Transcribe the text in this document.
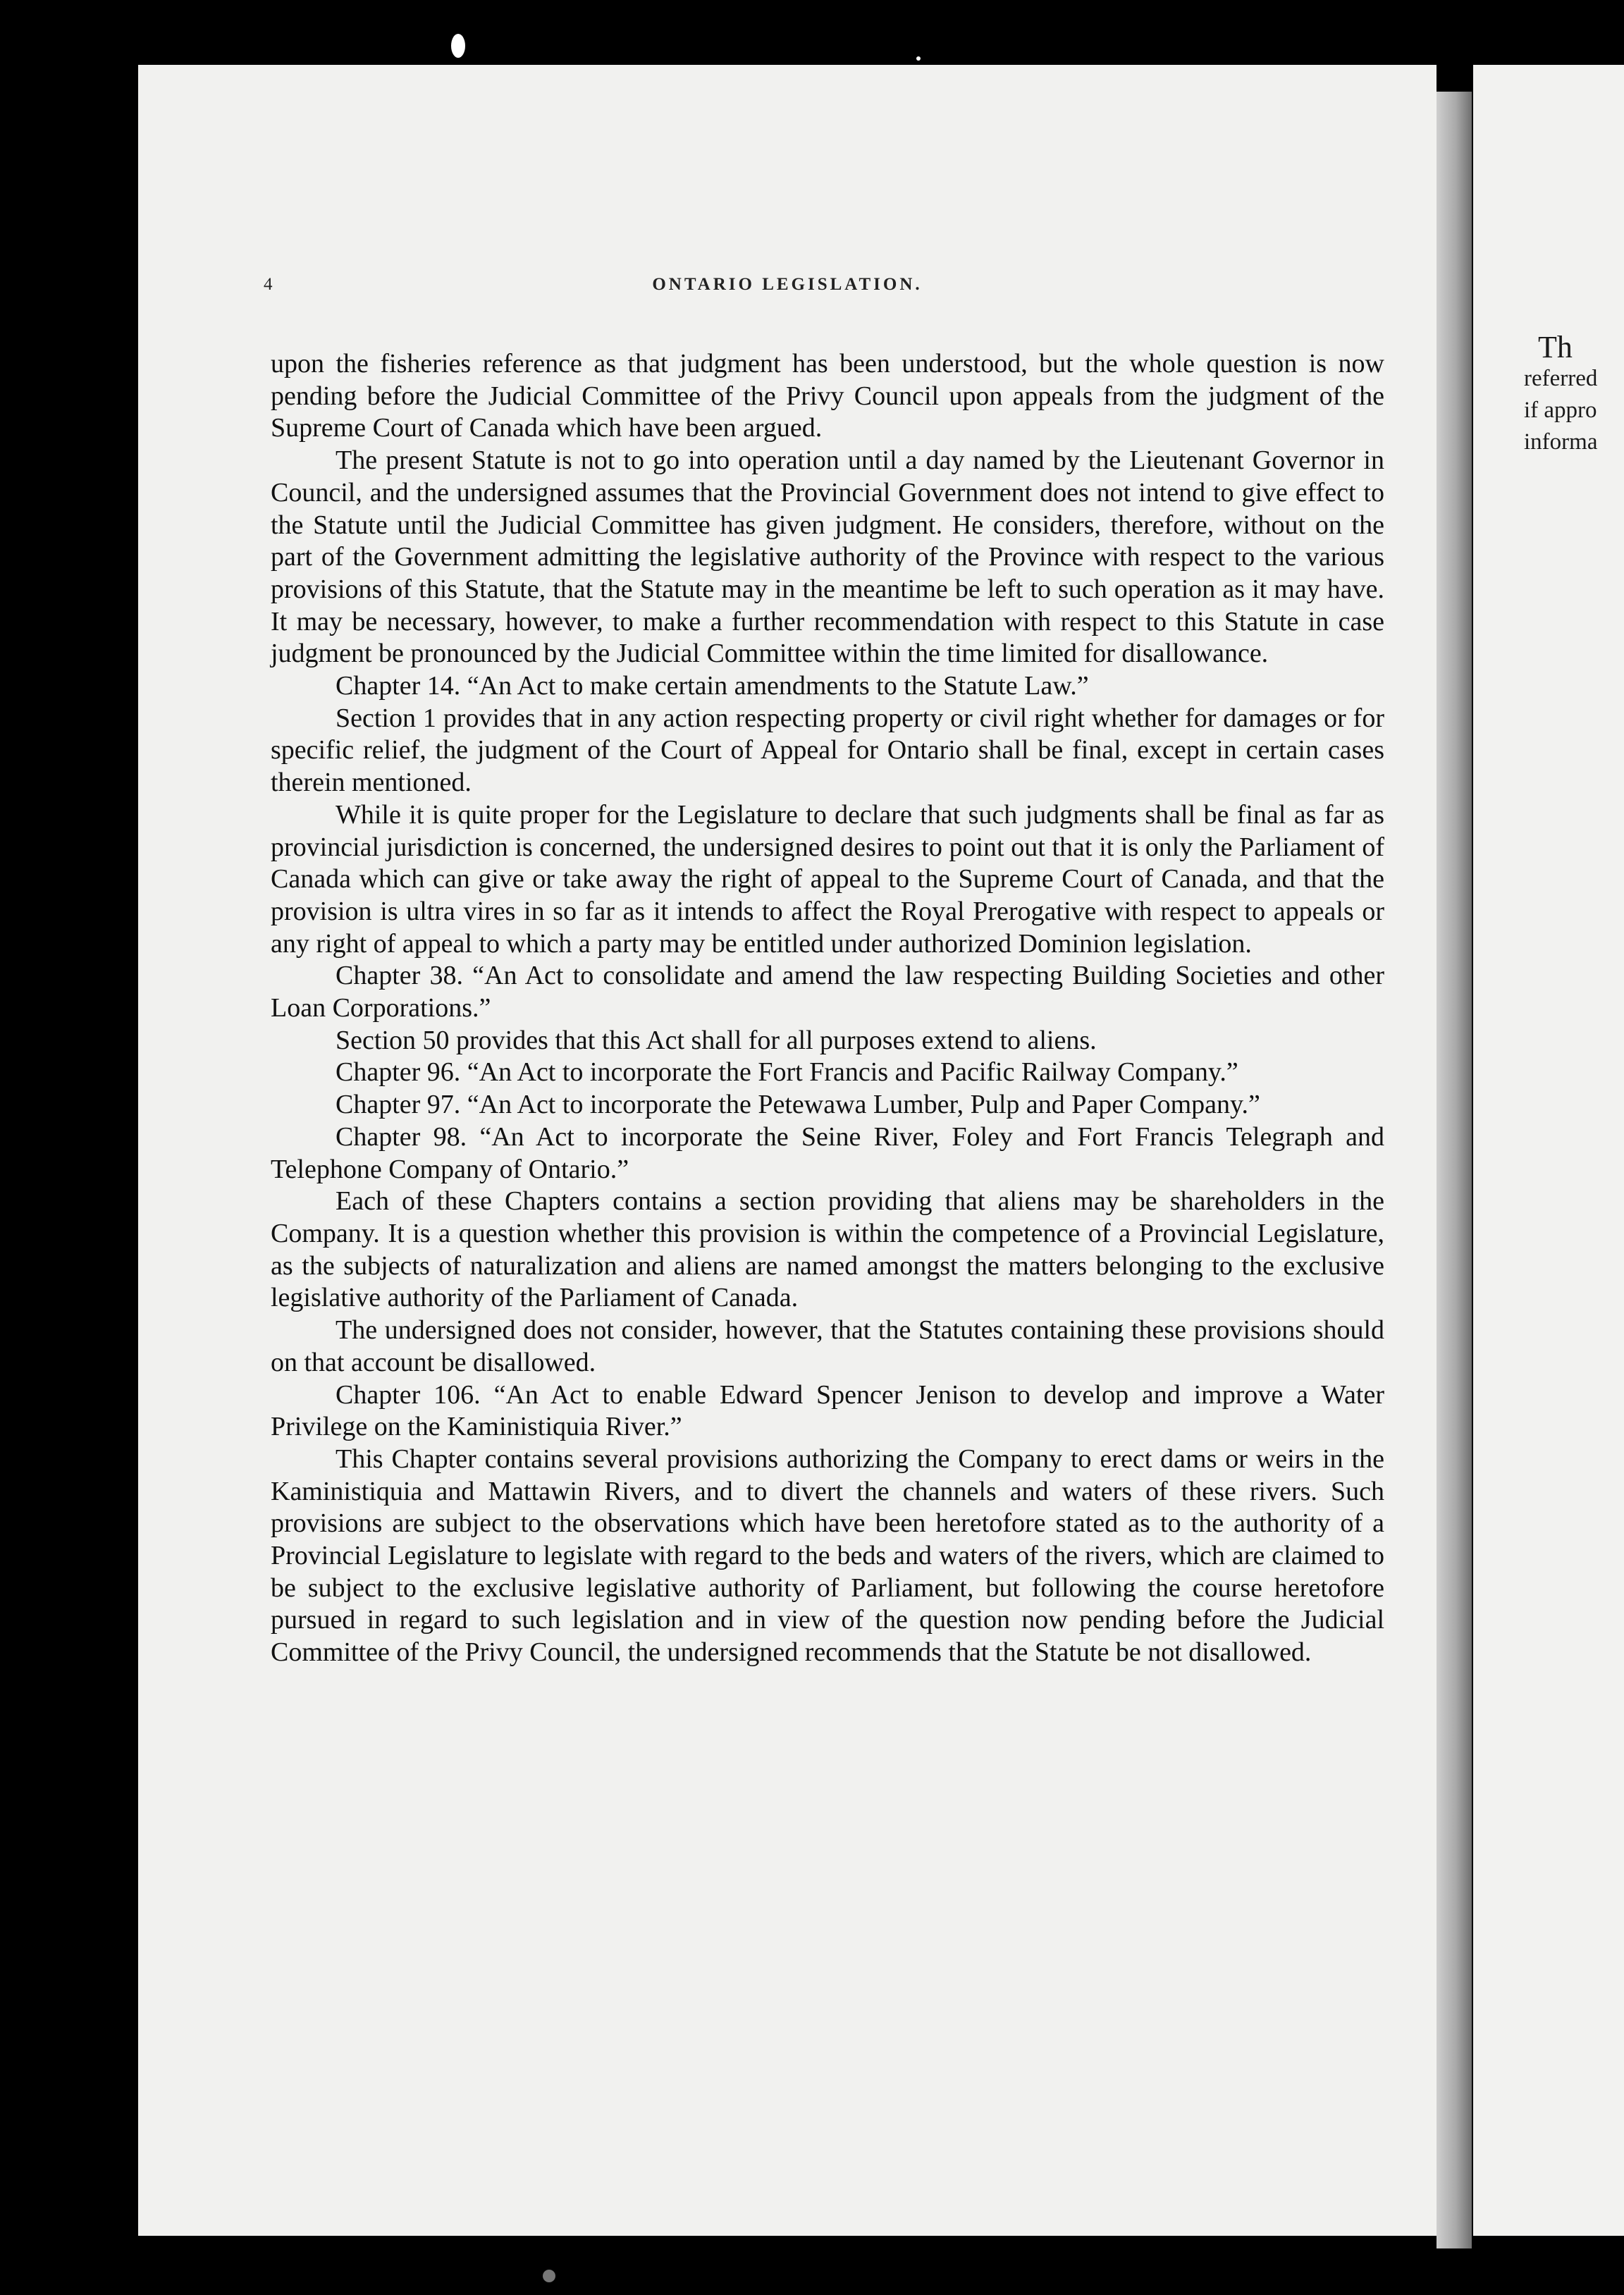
4	ONTARIO LEGISLATION.

upon the fisheries reference as that judgment has been understood, but the whole question is now pending before the Judicial Committee of the Privy Council upon appeals from the judgment of the Supreme Court of Canada which have been argued.

The present Statute is not to go into operation until a day named by the Lieutenant Governor in Council, and the undersigned assumes that the Provincial Government does not intend to give effect to the Statute until the Judicial Committee has given judgment. He considers, therefore, without on the part of the Government admitting the legislative authority of the Province with respect to the various provisions of this Statute, that the Statute may in the meantime be left to such operation as it may have. It may be necessary, however, to make a further recommendation with respect to this Statute in case judgment be pronounced by the Judicial Committee within the time limited for disallowance.

Chapter 14. “An Act to make certain amendments to the Statute Law.”

Section 1 provides that in any action respecting property or civil right whether for damages or for specific relief, the judgment of the Court of Appeal for Ontario shall be final, except in certain cases therein mentioned.

While it is quite proper for the Legislature to declare that such judgments shall be final as far as provincial jurisdiction is concerned, the undersigned desires to point out that it is only the Parliament of Canada which can give or take away the right of appeal to the Supreme Court of Canada, and that the provision is ultra vires in so far as it intends to affect the Royal Prerogative with respect to appeals or any right of appeal to which a party may be entitled under authorized Dominion legislation.

Chapter 38. “An Act to consolidate and amend the law respecting Building Societies and other Loan Corporations.”

Section 50 provides that this Act shall for all purposes extend to aliens.

Chapter 96. “An Act to incorporate the Fort Francis and Pacific Railway Company.”

Chapter 97. “An Act to incorporate the Petewawa Lumber, Pulp and Paper Company.”

Chapter 98. “An Act to incorporate the Seine River, Foley and Fort Francis Telegraph and Telephone Company of Ontario.”

Each of these Chapters contains a section providing that aliens may be shareholders in the Company. It is a question whether this provision is within the competence of a Provincial Legislature, as the subjects of naturalization and aliens are named amongst the matters belonging to the exclusive legislative authority of the Parliament of Canada.

The undersigned does not consider, however, that the Statutes containing these provisions should on that account be disallowed.

Chapter 106. “An Act to enable Edward Spencer Jenison to develop and improve a Water Privilege on the Kaministiquia River.”

This Chapter contains several provisions authorizing the Company to erect dams or weirs in the Kaministiquia and Mattawin Rivers, and to divert the channels and waters of these rivers. Such provisions are subject to the observations which have been heretofore stated as to the authority of a Provincial Legislature to legislate with regard to the beds and waters of the rivers, which are claimed to be subject to the exclusive legislative authority of Parliament, but following the course heretofore pursued in regard to such legislation and in view of the question now pending before the Judicial Committee of the Privy Council, the undersigned recommends that the Statute be not disallowed.

Th
referred
if appro
informa
